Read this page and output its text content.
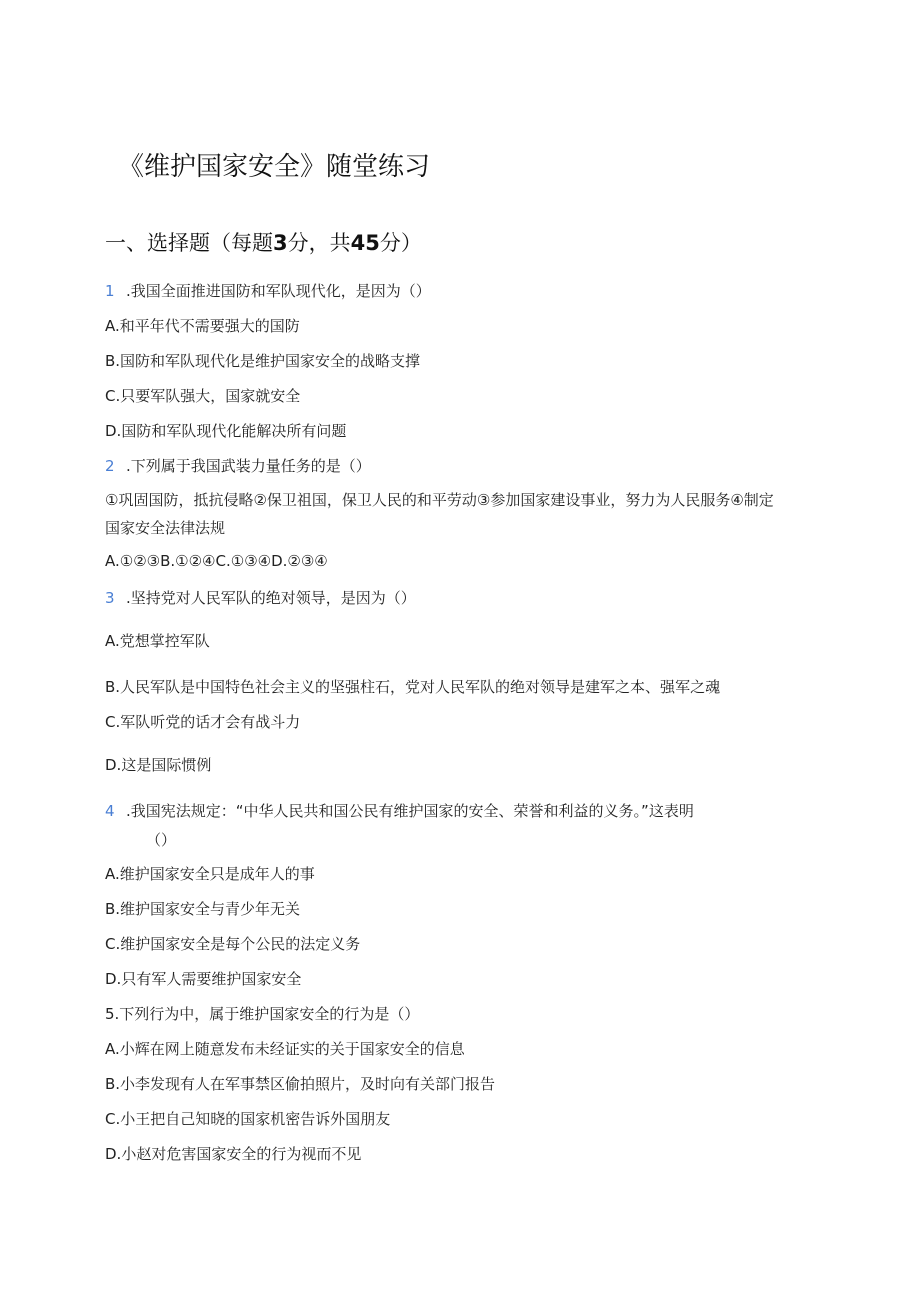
《维护国家安全》随堂练习
一、选择题（每题3分，共45分）
1 .我国全面推进国防和军队现代化，是因为（）
A.和平年代不需要强大的国防
B.国防和军队现代化是维护国家安全的战略支撑
C.只要军队强大，国家就安全
D.国防和军队现代化能解决所有问题
2 .下列属于我国武装力量任务的是（）
①巩固国防，抵抗侵略②保卫祖国，保卫人民的和平劳动③参加国家建设事业，努力为人民服务④制定
国家安全法律法规
A.①②③B.①②④C.①③④D.②③④
3 .坚持党对人民军队的绝对领导，是因为（）
A.党想掌控军队
B.人民军队是中国特色社会主义的坚强柱石，党对人民军队的绝对领导是建军之本、强军之魂
C.军队听党的话才会有战斗力
D.这是国际惯例
4 .我国宪法规定：“中华人民共和国公民有维护国家的安全、荣誉和利益的义务。”这表明
（）
A.维护国家安全只是成年人的事
B.维护国家安全与青少年无关
C.维护国家安全是每个公民的法定义务
D.只有军人需要维护国家安全
5.下列行为中，属于维护国家安全的行为是（）
A.小辉在网上随意发布未经证实的关于国家安全的信息
B.小李发现有人在军事禁区偷拍照片，及时向有关部门报告
C.小王把自己知晓的国家机密告诉外国朋友
D.小赵对危害国家安全的行为视而不见
